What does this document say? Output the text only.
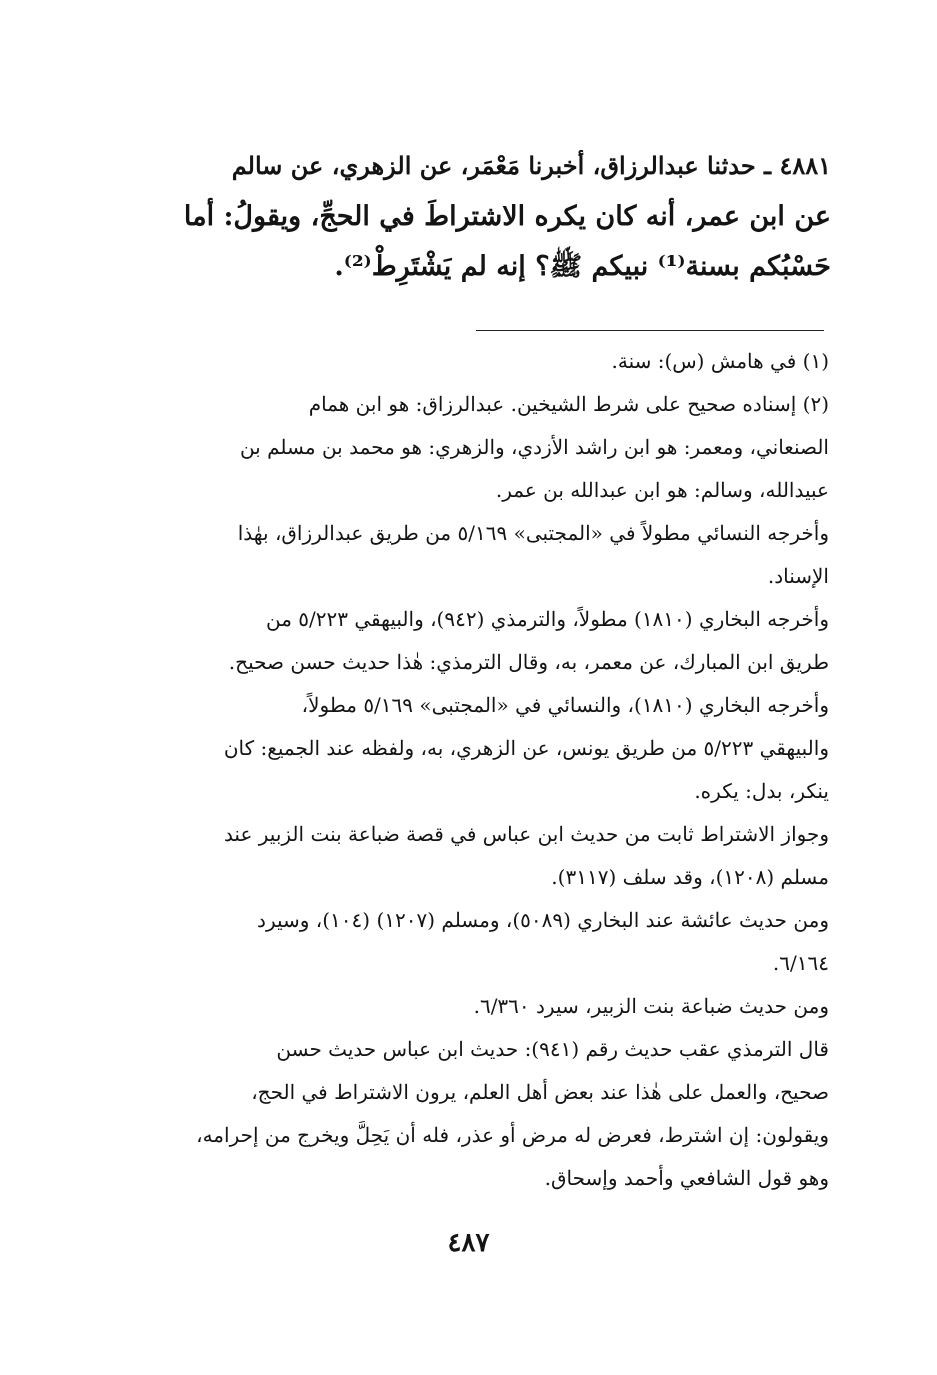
٤٨٨١ ـ حدثنا عبدالرزاق، أخبرنا مَعْمَر، عن الزهري، عن سالم
عن ابن عمر، أنه كان يكره الاشتراطَ في الحجِّ، ويقولُ: أما
حَسْبُكم بسنة⁽¹⁾ نبيكم ﷺ؟ إنه لم يَشْتَرِطْ⁽²⁾.
(١) في هامش (س): سنة.
(٢) إسناده صحيح على شرط الشيخين. عبدالرزاق: هو ابن همام
الصنعاني، ومعمر: هو ابن راشد الأزدي، والزهري: هو محمد بن مسلم بن
عبيدالله، وسالم: هو ابن عبدالله بن عمر.
وأخرجه النسائي مطولاً في «المجتبى» ٥/١٦٩ من طريق عبدالرزاق، بهٰذا
الإسناد.
وأخرجه البخاري (١٨١٠) مطولاً، والترمذي (٩٤٢)، والبيهقي ٥/٢٢٣ من
طريق ابن المبارك، عن معمر، به، وقال الترمذي: هٰذا حديث حسن صحيح.
وأخرجه البخاري (١٨١٠)، والنسائي في «المجتبى» ٥/١٦٩ مطولاً،
والبيهقي ٥/٢٢٣ من طريق يونس، عن الزهري، به، ولفظه عند الجميع: كان
ينكر، بدل: يكره.
وجواز الاشتراط ثابت من حديث ابن عباس في قصة ضباعة بنت الزبير عند
مسلم (١٢٠٨)، وقد سلف (٣١١٧).
ومن حديث عائشة عند البخاري (٥٠٨٩)، ومسلم (١٢٠٧) (١٠٤)، وسيرد
٦/١٦٤.
ومن حديث ضباعة بنت الزبير، سيرد ٦/٣٦٠.
قال الترمذي عقب حديث رقم (٩٤١): حديث ابن عباس حديث حسن
صحيح، والعمل على هٰذا عند بعض أهل العلم، يرون الاشتراط في الحج،
ويقولون: إن اشترط، فعرض له مرض أو عذر، فله أن يَحِلَّ ويخرج من إحرامه،
وهو قول الشافعي وأحمد وإسحاق.
٤٨٧
